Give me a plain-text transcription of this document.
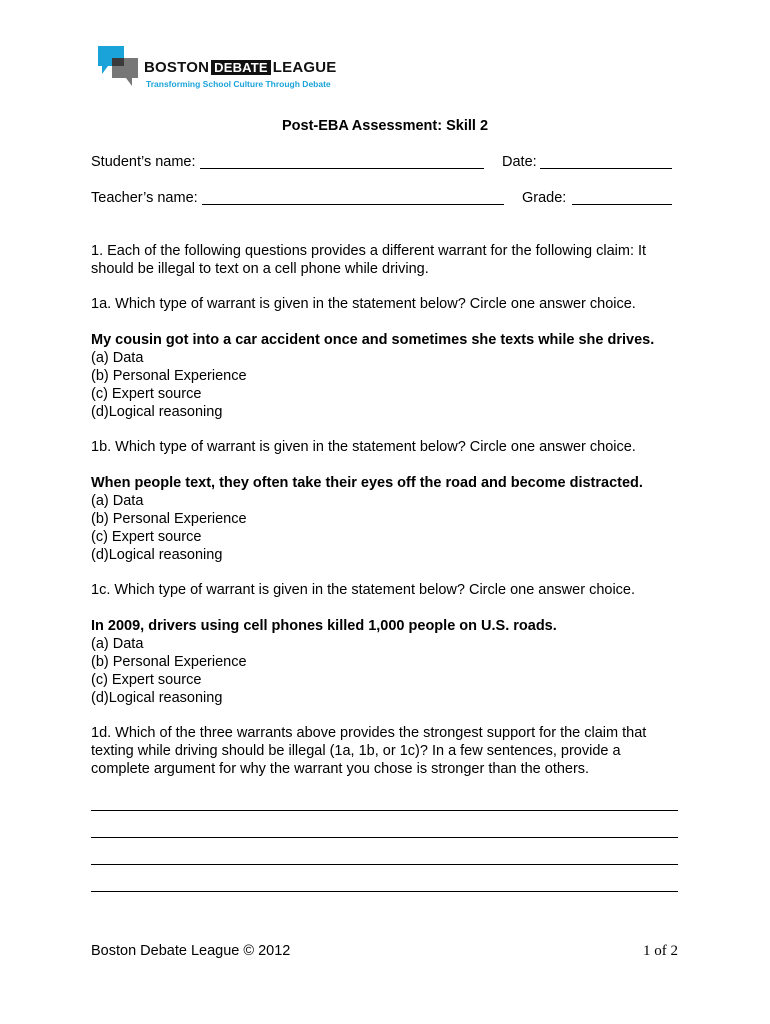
BOSTON DEBATE LEAGUE
Transforming School Culture Through Debate
Post-EBA Assessment: Skill 2
Student’s name:	Date:
Teacher’s name:	Grade:
1. Each of the following questions provides a different warrant for the following claim: It
should be illegal to text on a cell phone while driving.
1a. Which type of warrant is given in the statement below? Circle one answer choice.
My cousin got into a car accident once and sometimes she texts while she drives.
(a) Data
(b) Personal Experience
(c) Expert source
(d)Logical reasoning
1b. Which type of warrant is given in the statement below? Circle one answer choice.
When people text, they often take their eyes off the road and become distracted.
(a) Data
(b) Personal Experience
(c) Expert source
(d)Logical reasoning
1c. Which type of warrant is given in the statement below? Circle one answer choice.
In 2009, drivers using cell phones killed 1,000 people on U.S. roads.
(a) Data
(b) Personal Experience
(c) Expert source
(d)Logical reasoning
1d. Which of the three warrants above provides the strongest support for the claim that
texting while driving should be illegal (1a, 1b, or 1c)? In a few sentences, provide a
complete argument for why the warrant you chose is stronger than the others.
Boston Debate League © 2012	1 of 2
